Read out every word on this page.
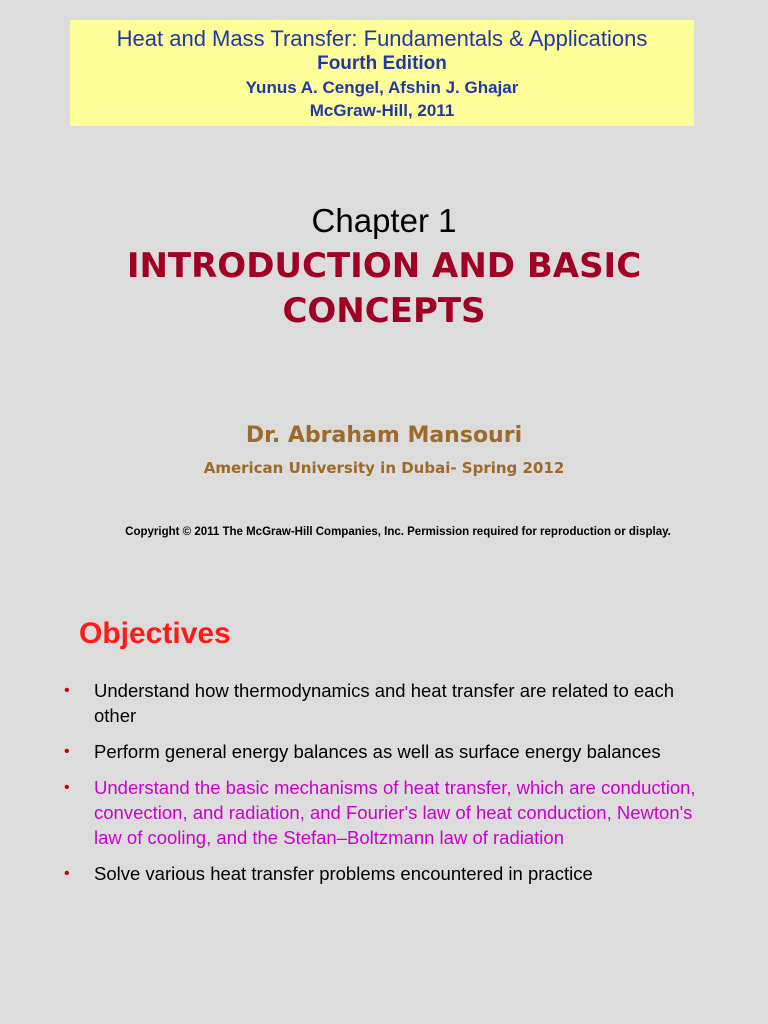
Heat and Mass Transfer: Fundamentals & Applications
Fourth Edition
Yunus A. Cengel, Afshin J. Ghajar
McGraw-Hill, 2011
Chapter 1
INTRODUCTION AND BASIC
CONCEPTS
Dr. Abraham Mansouri
American University in Dubai- Spring 2012
Copyright © 2011 The McGraw-Hill Companies, Inc. Permission required for reproduction or display.
Objectives
• Understand how thermodynamics and heat transfer are related to each other
• Perform general energy balances as well as surface energy balances
• Understand the basic mechanisms of heat transfer, which are conduction, convection, and radiation, and Fourier's law of heat conduction, Newton's law of cooling, and the Stefan–Boltzmann law of radiation
• Solve various heat transfer problems encountered in practice
